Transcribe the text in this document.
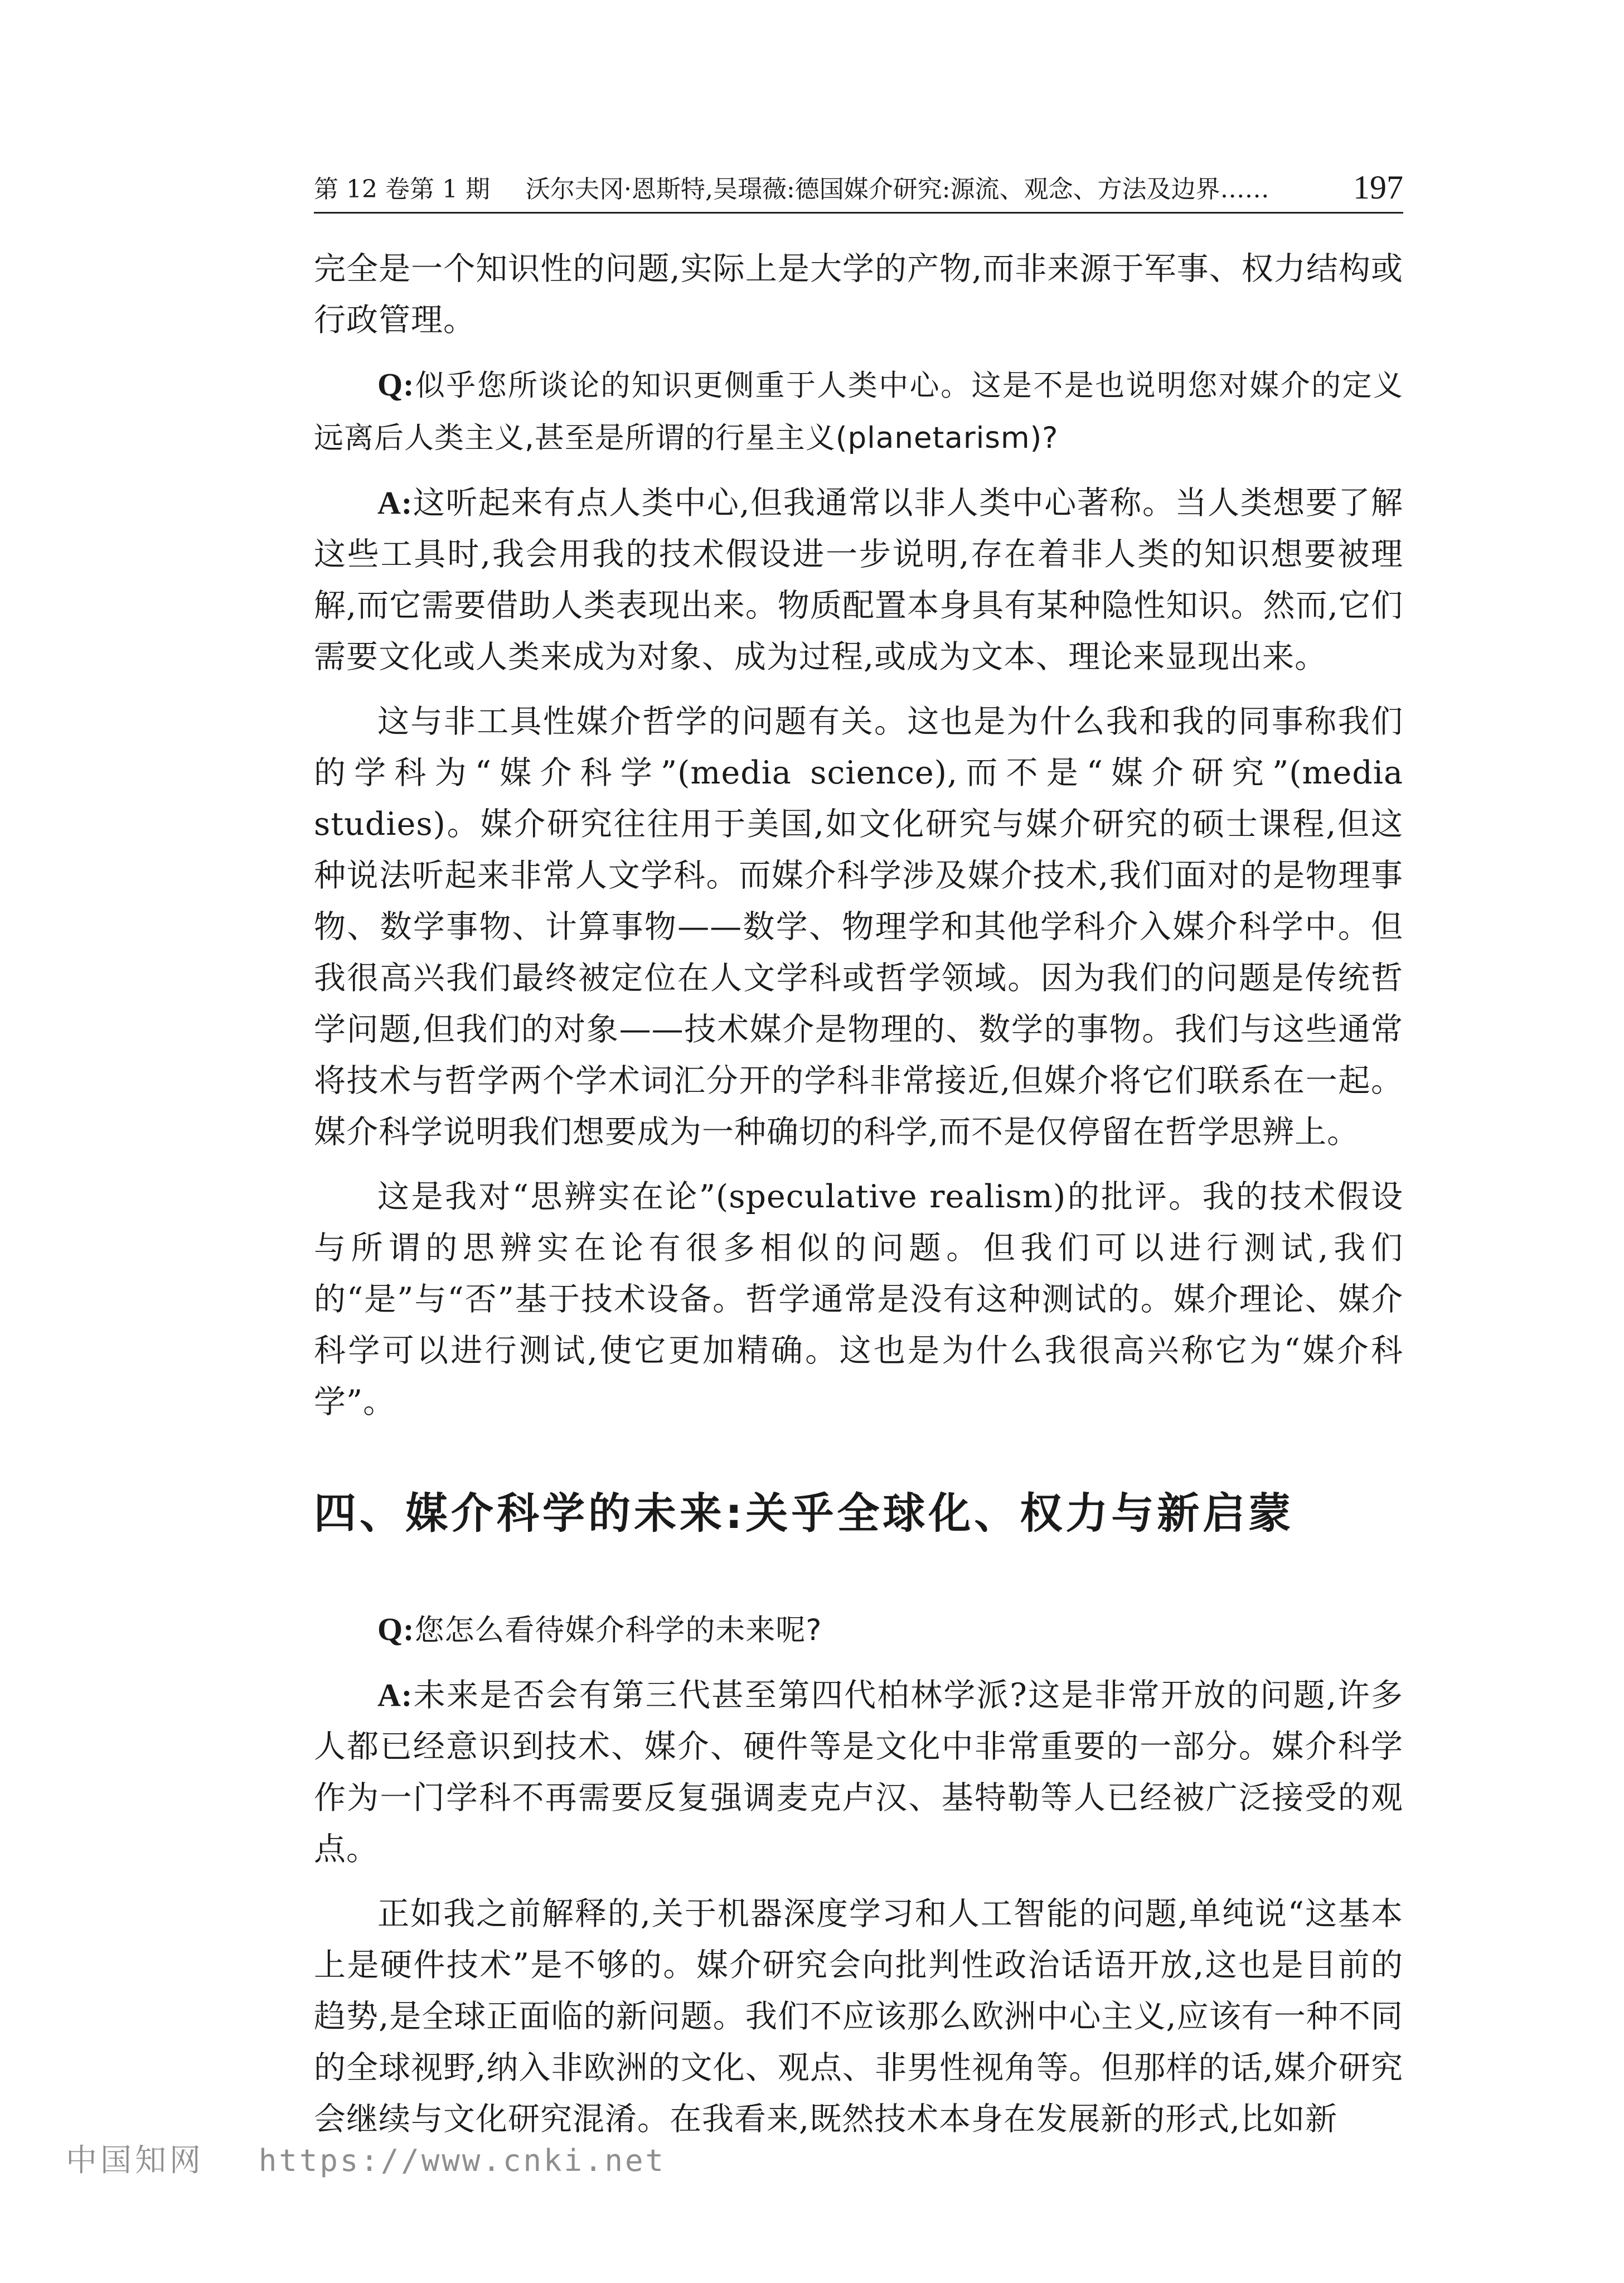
第 12 卷第 1 期 沃尔夫冈·恩斯特,吴璟薇:德国媒介研究:源流、观念、方法及边界……	197

完全是一个知识性的问题,实际上是大学的产物,而非来源于军事、权力结构或行政管理。

Q:似乎您所谈论的知识更侧重于人类中心。这是不是也说明您对媒介的定义远离后人类主义,甚至是所谓的行星主义(planetarism)?

A:这听起来有点人类中心,但我通常以非人类中心著称。当人类想要了解这些工具时,我会用我的技术假设进一步说明,存在着非人类的知识想要被理解,而它需要借助人类表现出来。物质配置本身具有某种隐性知识。然而,它们需要文化或人类来成为对象、成为过程,或成为文本、理论来显现出来。

这与非工具性媒介哲学的问题有关。这也是为什么我和我的同事称我们的学科为“媒介科学”(media science),而不是“媒介研究”(media studies)。媒介研究往往用于美国,如文化研究与媒介研究的硕士课程,但这种说法听起来非常人文学科。而媒介科学涉及媒介技术,我们面对的是物理事物、数学事物、计算事物——数学、物理学和其他学科介入媒介科学中。但我很高兴我们最终被定位在人文学科或哲学领域。因为我们的问题是传统哲学问题,但我们的对象——技术媒介是物理的、数学的事物。我们与这些通常将技术与哲学两个学术词汇分开的学科非常接近,但媒介将它们联系在一起。媒介科学说明我们想要成为一种确切的科学,而不是仅停留在哲学思辨上。

这是我对“思辨实在论”(speculative realism)的批评。我的技术假设与所谓的思辨实在论有很多相似的问题。但我们可以进行测试,我们的“是”与“否”基于技术设备。哲学通常是没有这种测试的。媒介理论、媒介科学可以进行测试,使它更加精确。这也是为什么我很高兴称它为“媒介科学”。

四、媒介科学的未来:关乎全球化、权力与新启蒙

Q:您怎么看待媒介科学的未来呢?

A:未来是否会有第三代甚至第四代柏林学派?这是非常开放的问题,许多人都已经意识到技术、媒介、硬件等是文化中非常重要的一部分。媒介科学作为一门学科不再需要反复强调麦克卢汉、基特勒等人已经被广泛接受的观点。

正如我之前解释的,关于机器深度学习和人工智能的问题,单纯说“这基本上是硬件技术”是不够的。媒介研究会向批判性政治话语开放,这也是目前的趋势,是全球正面临的新问题。我们不应该那么欧洲中心主义,应该有一种不同的全球视野,纳入非欧洲的文化、观点、非男性视角等。但那样的话,媒介研究会继续与文化研究混淆。在我看来,既然技术本身在发展新的形式,比如新

中国知网 https://www.cnki.net
